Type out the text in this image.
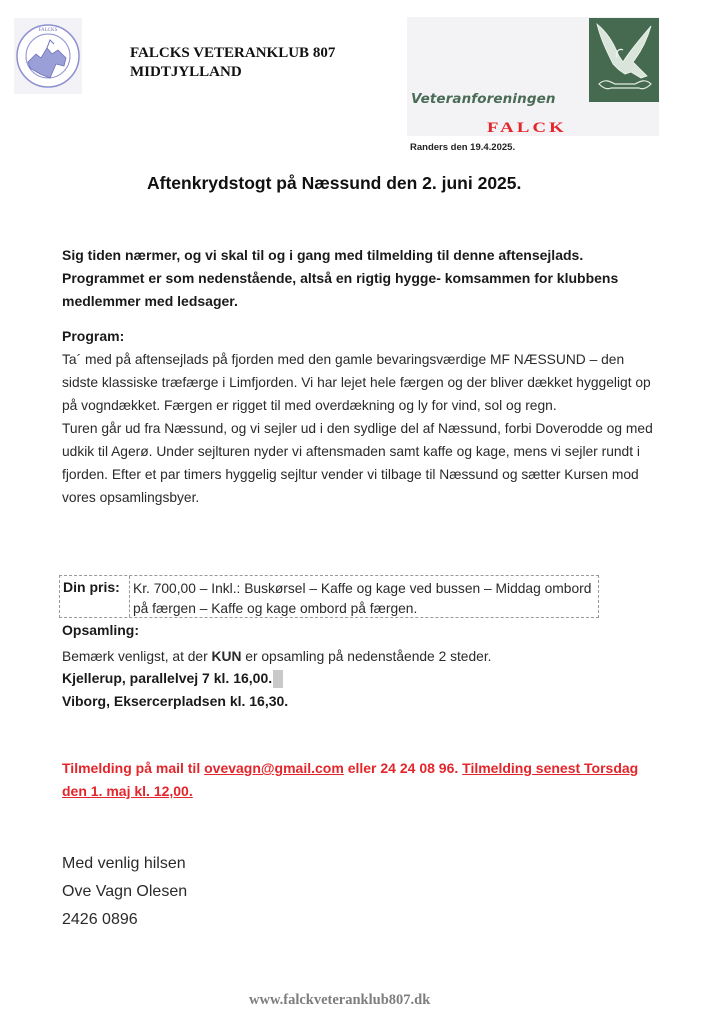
FALCKS
FALCKS VETERANKLUB 807
MIDTJYLLAND
Veteranforeningen
FALCK
Randers den 19.4.2025.
Aftenkrydstogt på Næssund den 2. juni 2025.
Sig tiden nærmer, og vi skal til og i gang med tilmelding til denne aftensejlads. Programmet er som nedenstående, altså en rigtig hygge- komsammen for klubbens medlemmer med ledsager.
Program:
Ta´ med på aftensejlads på fjorden med den gamle bevaringsværdige MF NÆSSUND – den sidste klassiske træfærge i Limfjorden. Vi har lejet hele færgen og der bliver dækket hyggeligt op på vogndækket. Færgen er rigget til med overdækning og ly for vind, sol og regn.
Turen går ud fra Næssund, og vi sejler ud i den sydlige del af Næssund, forbi Doverodde og med udkik til Agerø. Under sejlturen nyder vi aftensmaden samt kaffe og kage, mens vi sejler rundt i fjorden. Efter et par timers hyggelig sejltur vender vi tilbage til Næssund og sætter Kursen mod vores opsamlingsbyer.
Din pris: Kr. 700,00 – Inkl.: Buskørsel – Kaffe og kage ved bussen – Middag ombord på færgen – Kaffe og kage ombord på færgen.
Opsamling:
Bemærk venligst, at der KUN er opsamling på nedenstående 2 steder.
Kjellerup, parallelvej 7 kl. 16,00.
Viborg, Eksercerpladsen kl. 16,30.
Tilmelding på mail til ovevagn@gmail.com eller 24 24 08 96. Tilmelding senest Torsdag den 1. maj kl. 12,00.
Med venlig hilsen
Ove Vagn Olesen
2426 0896
www.falckveteranklub807.dk
